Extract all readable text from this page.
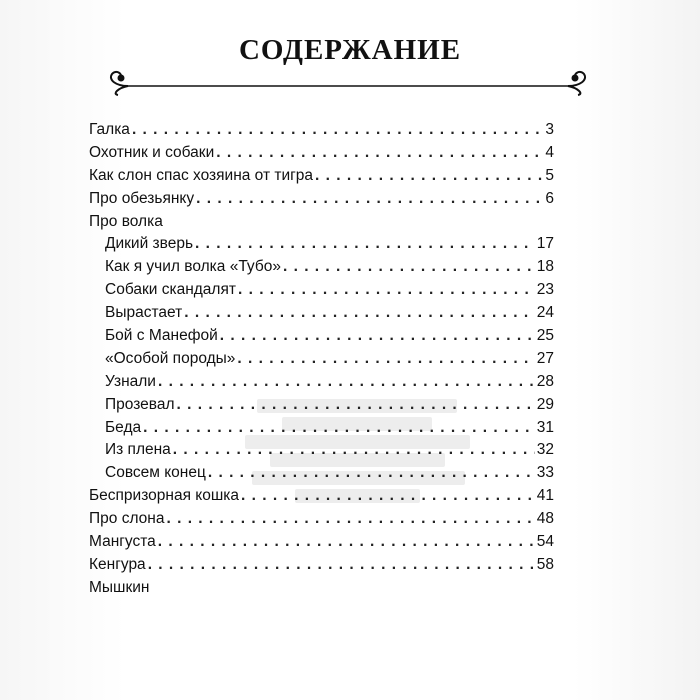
СОДЕРЖАНИЕ
Галка . . .	3
Охотник и собаки . . .	4
Как слон спас хозяина от тигра . . .	5
Про обезьянку . . .	6
Про волка
Дикий зверь . . .	17
Как я учил волка «Тубо» . . .	18
Собаки скандалят . . .	23
Вырастает . . .	24
Бой с Манефой . . .	25
«Особой породы» . . .	27
Узнали . . .	28
Прозевал . . .	29
Беда . . .	31
Из плена . . .	32
Совсем конец . . .	33
Беспризорная кошка . . .	41
Про слона . . .	48
Мангуста . . .	54
Кенгура . . .	58
Мышкин
